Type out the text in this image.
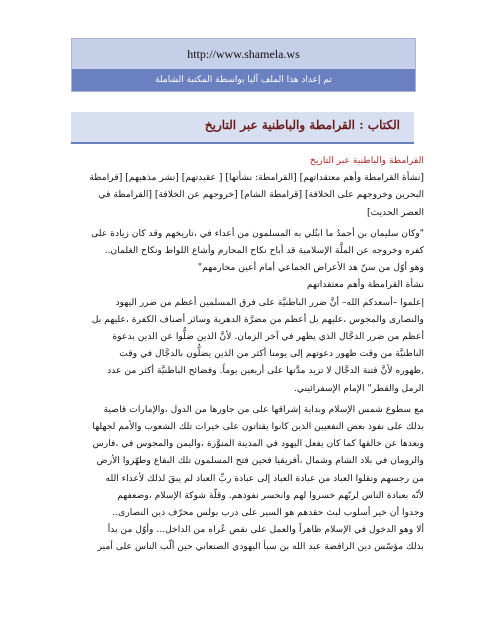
http://www.shamela.ws
تم إعداد هذا الملف آليا بواسطة المكتبة الشاملة
الكتاب : القرامطة والباطنية عبر التاريخ

القرامطة والباطنية عبر التاريخ

[نشأة القرامطة وأهم معتقداتهم] [القرامطة: نشأتها] [ عقيدتهم] [نشر مذهبهم] [قرامطة

البحرين وخروجهم على الخلافة] [قرامطة الشام] [خروجهم عن الخلافة] [القرامطة في

العصر الحديث]

"وكان سليمان بن أحمدُ ما ابتُلي به المسلمون من أعداء في ،تاريخهم وقد كان زيادة على

كفره وخروجه عن الملَّة الإسلامية قد أباح نكاح المحارم وأشاع اللواط ونكاح الغلمان..

وهو أوّل من سنّ هذ الأعراض الجماعي أمام أعين محارمهم"

نشأة القرامطة وأهم معتقداتهم

إعلموا –أسعدكم الله– أنَّ ضرر الباطنيَّة على فرق المسلمين أعظم من ضرر اليهود

والنصارى والمجوس ،عليهم بل أعظم من مضرَّة الدهرية وسائر أصناف الكفرة ،عليهم بل

أعظم من ضرر الدجَّال الذي يظهر في آخر الزمان. لأنَّ الذين ضلُّوا عن الدين بدعوة

الباطنيَّة من وقت ظهور دعوتهم إلى يومنا أكثر من الذين يضلُّون بالدجَّال في وقت

,ظهوره لأنَّ فتنة الدجَّال لا تزيد مدَّتها على أربعين يوماً. وفضائح الباطنيَّة أكثر من عدد

الرمل والقطر" الإمام الإسفرائيني.

مع سطوع شمس الإسلام وبداية إشراقها على من جاورها من الدول ،والإمارات قاصية

بذلك على نفوذ بعض النفعيين الذين كانوا يقتاتون على خيرات تلك الشعوب والأمم لجهلها

وبعدها عن خالقها كما كان يفعل اليهود في المدينة المنوَّرة ،واليمن والمجوس في ،فارس

والرومان في بلاد الشام وشمال ،أفريقيا فحين فتح المسلمون تلك البقاع وطهّروا الأرض

من رجسهم ونقلوا العباد من عبادة العباد إلى عبادة ربِّ العباد لم يبقَ لذلك لأعداء الله

لأنّه بعبادة الناس لربّهم خسروا لهم وانحسر نفوذهم. وقلّة شوكة الإسلام ،وضعفهم

وجدوا أن خير أسلوب لبث حقدهم هو السير على درب بولس محرّف دين النصارى..

ألا وهو الدخول في الإسلام ظاهراً والعمل على نقض عُراه من الداخل... وأوّل من بدأ

بذلك مؤسّس دين الرافضة عبد الله بن سبأ اليهودي الصنعاني حين ألّب الناس على أمير
